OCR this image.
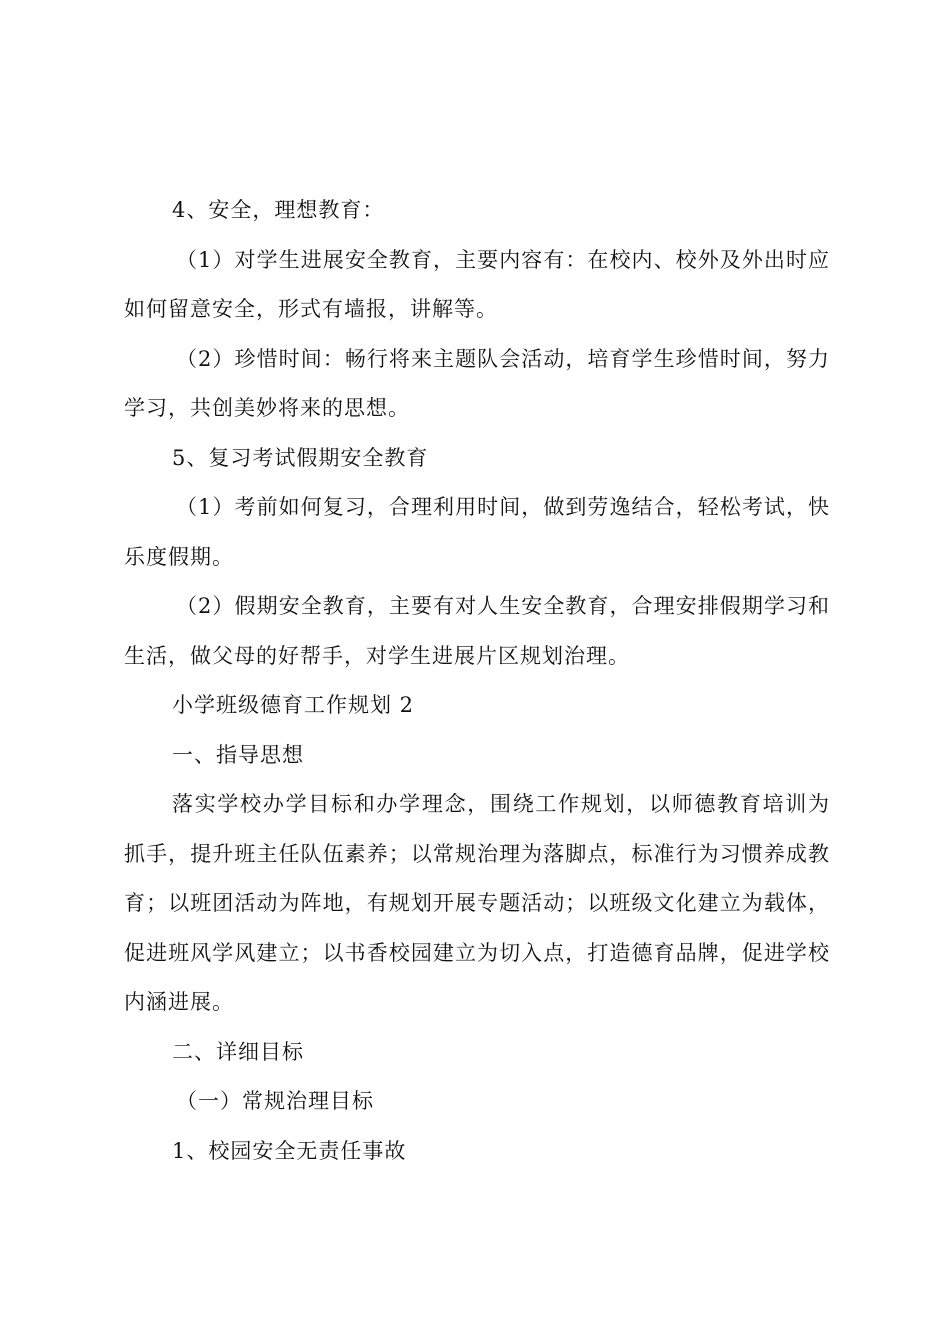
4、安全，理想教育：

（1）对学生进展安全教育，主要内容有：在校内、校外及外出时应如何留意安全，形式有墙报，讲解等。

（2）珍惜时间：畅行将来主题队会活动，培育学生珍惜时间，努力学习，共创美妙将来的思想。

5、复习考试假期安全教育

（1）考前如何复习，合理利用时间，做到劳逸结合，轻松考试，快乐度假期。

（2）假期安全教育，主要有对人生安全教育，合理安排假期学习和生活，做父母的好帮手，对学生进展片区规划治理。

小学班级德育工作规划 2

一、指导思想

落实学校办学目标和办学理念，围绕工作规划，以师德教育培训为抓手，提升班主任队伍素养；以常规治理为落脚点，标准行为习惯养成教育；以班团活动为阵地，有规划开展专题活动；以班级文化建立为载体，促进班风学风建立；以书香校园建立为切入点，打造德育品牌，促进学校内涵进展。

二、详细目标

（一）常规治理目标

1、校园安全无责任事故
